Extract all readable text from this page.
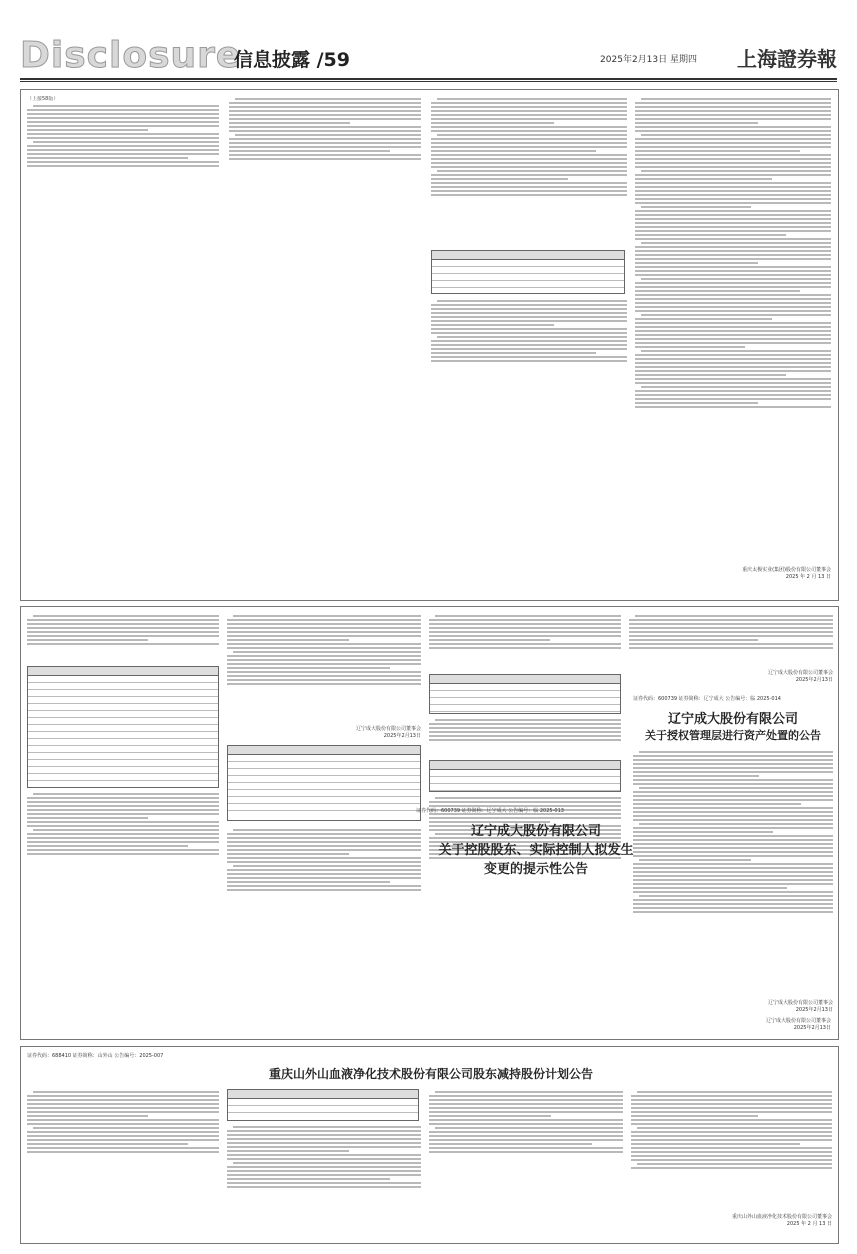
Disclosure
信息披露 /59	2025年2月13日 星期四 上海證券報
（上接58版）
重庆太极实业(集团)股份有限公司董事会
2025 年 2 月 13 日
辽宁成大股份有限公司董事会
2025年2月13日
辽宁成大股份有限公司董事会
2025年2月13日
证券代码：600739 证券简称：辽宁成大 公告编号：临 2025-013
辽宁成大股份有限公司
关于控股股东、实际控制人拟发生
变更的提示性公告
证券代码：600739 证券简称：辽宁成大 公告编号：临 2025-014
辽宁成大股份有限公司
关于授权管理层进行资产处置的公告
辽宁成大股份有限公司董事会
2025年2月13日
辽宁成大股份有限公司董事会
2025年2月13日
证券代码：688410 证券简称：山外山 公告编号：2025-007
重庆山外山血液净化技术股份有限公司股东减持股份计划公告
重庆山外山血液净化技术股份有限公司董事会
2025 年 2 月 13 日
